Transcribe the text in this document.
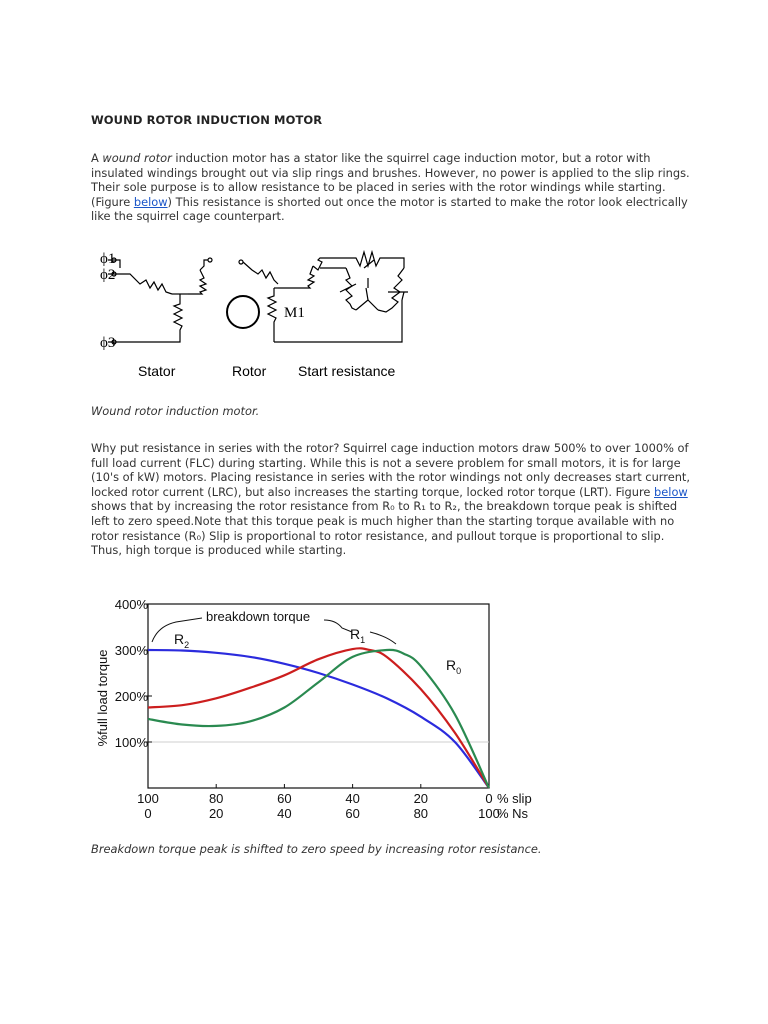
WOUND ROTOR INDUCTION MOTOR
A wound rotor induction motor has a stator like the squirrel cage induction motor, but a rotor with insulated windings brought out via slip rings and brushes. However, no power is applied to the slip rings. Their sole purpose is to allow resistance to be placed in series with the rotor windings while starting. (Figure below) This resistance is shorted out once the motor is started to make the rotor look electrically like the squirrel cage counterpart.
ϕ1
ϕ2
ϕ3
M1
Stator	Rotor Start resistance
Wound rotor induction motor.
Why put resistance in series with the rotor? Squirrel cage induction motors draw 500% to over 1000% of full load current (FLC) during starting. While this is not a severe problem for small motors, it is for large (10's of kW) motors. Placing resistance in series with the rotor windings not only decreases start current, locked rotor current (LRC), but also increases the starting torque, locked rotor torque (LRT). Figure below shows that by increasing the rotor resistance from R₀ to R₁ to R₂, the breakdown torque peak is shifted left to zero speed.Note that this torque peak is much higher than the starting torque available with no rotor resistance (R₀) Slip is proportional to rotor resistance, and pullout torque is proportional to slip. Thus, high torque is produced while starting.
%full load torque
breakdown torque
100%
200%
300%
400%
100
0
80
20
60
40
40
60
20
80
0
100
% slip
% Ns
$R_2$
$R_1$
$R_0$
Breakdown torque peak is shifted to zero speed by increasing rotor resistance.
